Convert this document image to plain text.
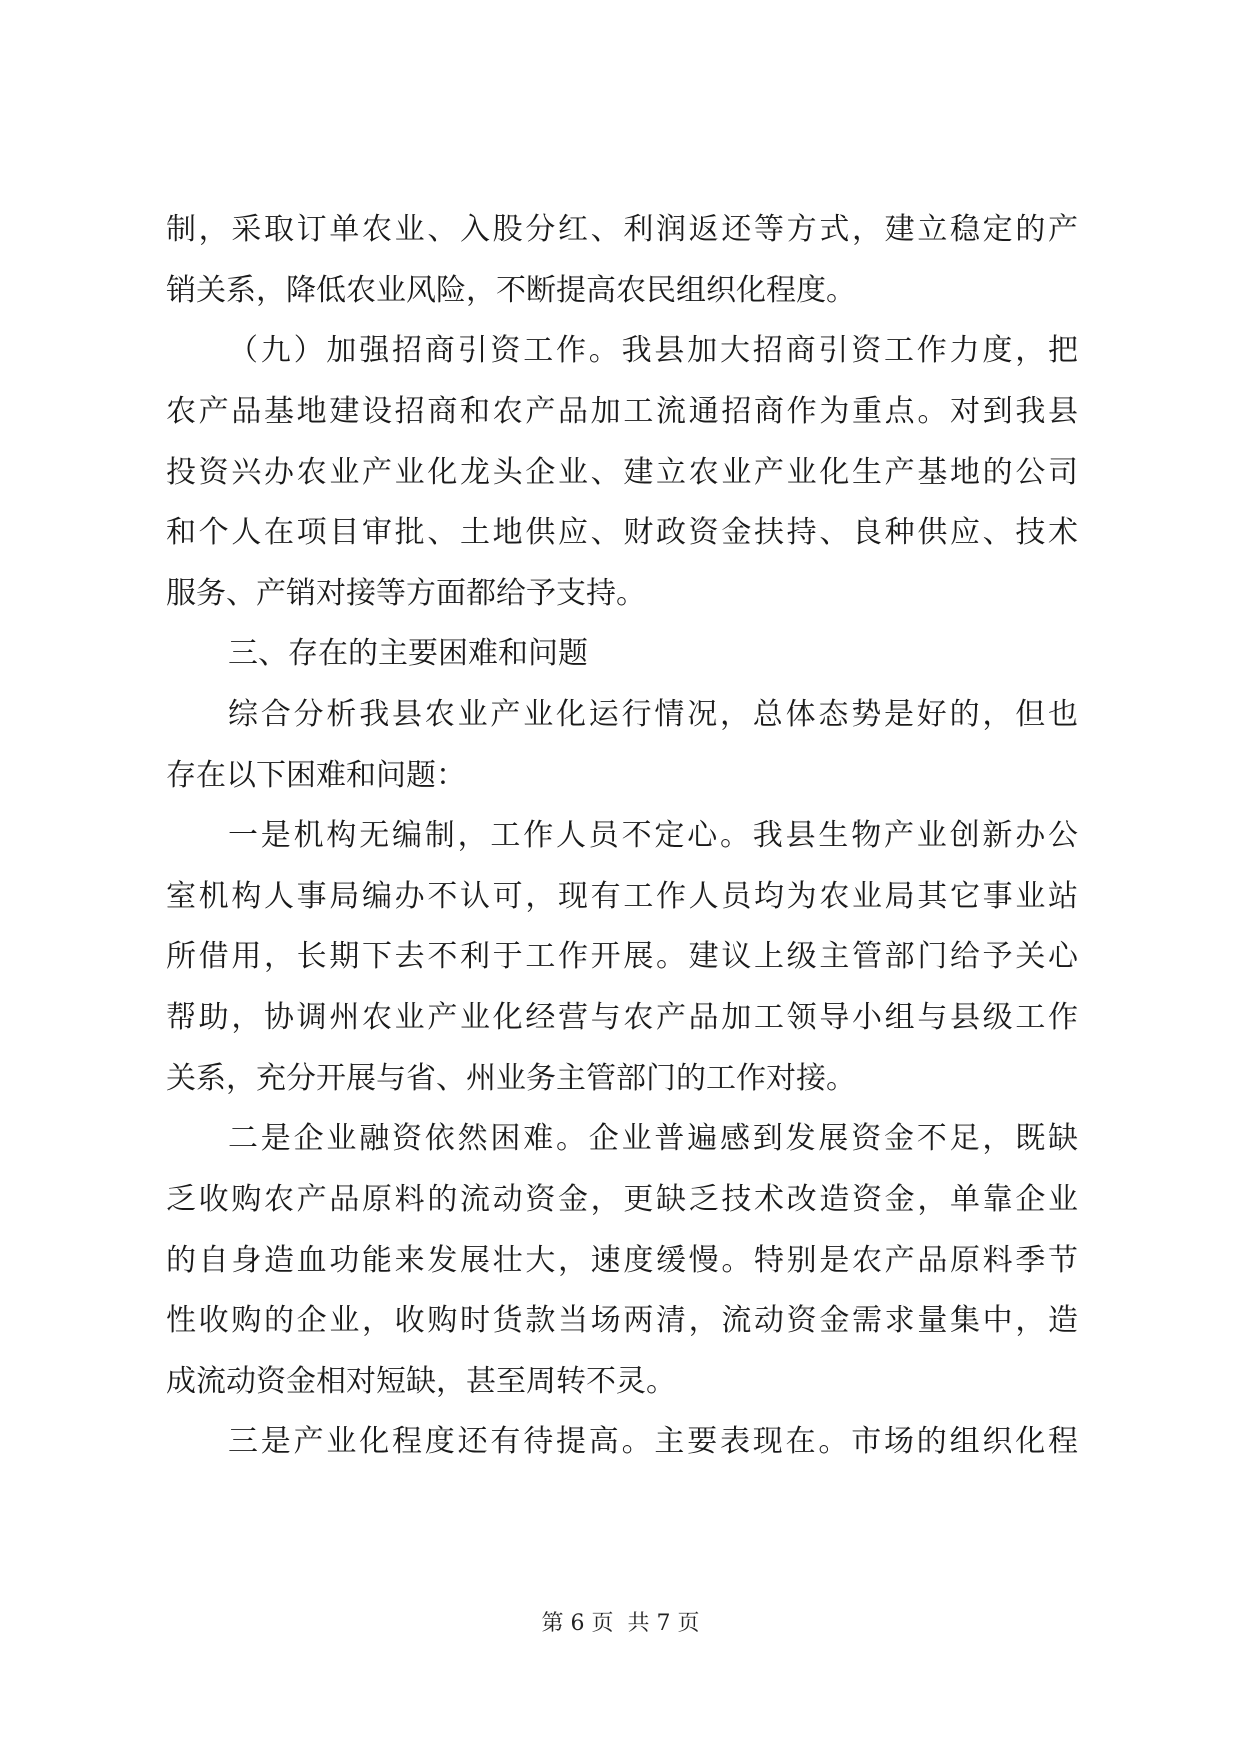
制，采取订单农业、入股分红、利润返还等方式，建立稳定的产
销关系，降低农业风险，不断提高农民组织化程度。
（九）加强招商引资工作。我县加大招商引资工作力度，把
农产品基地建设招商和农产品加工流通招商作为重点。对到我县
投资兴办农业产业化龙头企业、建立农业产业化生产基地的公司
和个人在项目审批、土地供应、财政资金扶持、良种供应、技术
服务、产销对接等方面都给予支持。
三、存在的主要困难和问题
综合分析我县农业产业化运行情况，总体态势是好的，但也
存在以下困难和问题：
一是机构无编制，工作人员不定心。我县生物产业创新办公
室机构人事局编办不认可，现有工作人员均为农业局其它事业站
所借用，长期下去不利于工作开展。建议上级主管部门给予关心
帮助，协调州农业产业化经营与农产品加工领导小组与县级工作
关系，充分开展与省、州业务主管部门的工作对接。
二是企业融资依然困难。企业普遍感到发展资金不足，既缺
乏收购农产品原料的流动资金，更缺乏技术改造资金，单靠企业
的自身造血功能来发展壮大，速度缓慢。特别是农产品原料季节
性收购的企业，收购时货款当场两清，流动资金需求量集中，造
成流动资金相对短缺，甚至周转不灵。
三是产业化程度还有待提高。主要表现在。市场的组织化程
第 6 页  共 7 页
